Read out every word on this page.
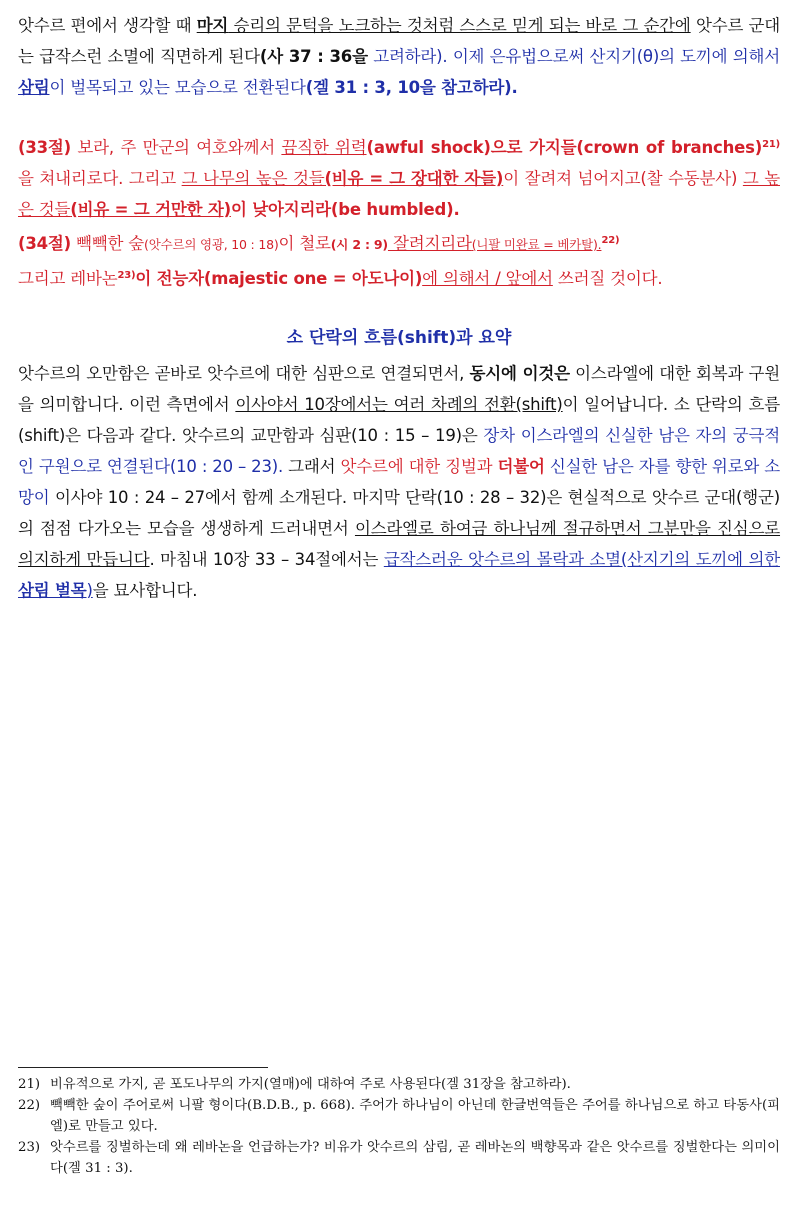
앗수르 편에서 생각할 때 마지 승리의 문턱을 노크하는 것처럼 스스로 믿게 되는 바로 그 순간에 앗수르 군대는 급작스런 소멸에 직면하게 된다(사 37 : 36을 고려하라). 이제 은유법으로써 산지기(θ)의 도끼에 의해서 삼림이 벌목되고 있는 모습으로 전환된다(겔 31 : 3, 10을 참고하라).

(33절) 보라, 주 만군의 여호와께서 끔직한 위력(awful shock)으로 가지들(crown of branches)$^{21)}$ 을 쳐내리로다. 그리고 그 나무의 높은 것들(비유 = 그 장대한 자들)이 잘려져 넘어지고(찰 수동분사) 그 높은 것들(비유 = 그 거만한 자)이 낮아지리라(be humbled).

(34절) 빽빽한 숲(앗수르의 영광, 10 : 18)이 철로(시 2 : 9) 잘려지리라(니팔 미완료 = 베카탈).$^{22)}$

그리고 레바논$^{23)}$이 전능자(majestic one = 아도나이)에 의해서 / 앞에서 쓰러질 것이다.

소 단락의 흐름(shift)과 요약

앗수르의 오만함은 곧바로 앗수르에 대한 심판으로 연결되면서, 동시에 이것은 이스라엘에 대한 회복과 구원을 의미합니다. 이런 측면에서 이사야서 10장에서는 여러 차례의 전환(shift)이 일어납니다. 소 단락의 흐름(shift)은 다음과 같다. 앗수르의 교만함과 심판(10 : 15 – 19)은 장차 이스라엘의 신실한 남은 자의 궁극적인 구원으로 연결된다(10 : 20 – 23). 그래서 앗수르에 대한 징벌과 더불어 신실한 남은 자를 향한 위로와 소망이 이사야 10 : 24 – 27에서 함께 소개된다. 마지막 단락(10 : 28 – 32)은 현실적으로 앗수르 군대(행군)의 점점 다가오는 모습을 생생하게 드러내면서 이스라엘로 하여금 하나님께 절규하면서 그분만을 진심으로 의지하게 만듭니다. 마침내 10장 33 – 34절에서는 급작스러운 앗수르의 몰락과 소멸(산지기의 도끼에 의한 삼림 벌목)을 묘사합니다.

21) 비유적으로 가지, 곧 포도나무의 가지(열매)에 대하여 주로 사용된다(겔 31장을 참고하라).
22) 빽빽한 숲이 주어로써 니팔 형이다(B.D.B., p. 668). 주어가 하나님이 아닌데 한글번역들은 주어를 하나님으로 하고 타동사(피엘)로 만들고 있다.
23) 앗수르를 징벌하는데 왜 레바논을 언급하는가? 비유가 앗수르의 삼림, 곧 레바논의 백향목과 같은 앗수르를 징벌한다는 의미이다(겔 31 : 3).
